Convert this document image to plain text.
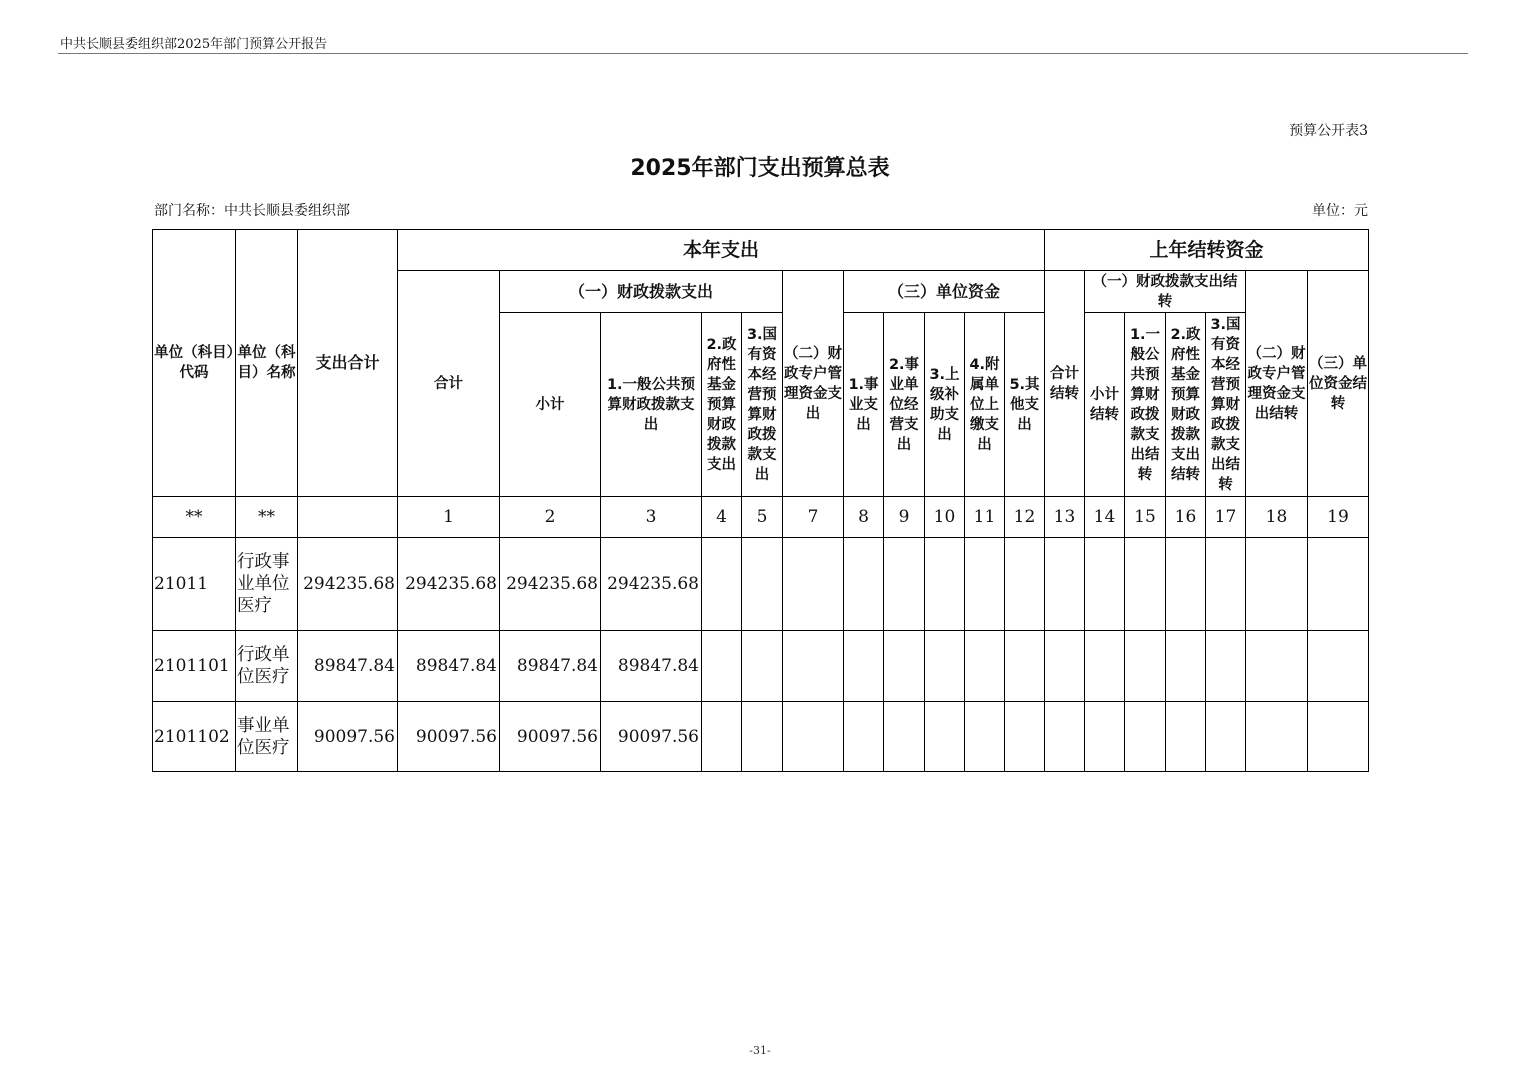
中共长顺县委组织部2025年部门预算公开报告
预算公开表3
2025年部门支出预算总表
部门名称：中共长顺县委组织部	单位：元
单位（科目）代码	单位（科目）名称	支出合计	本年支出											上年结转资金						
			合计	（一）财政拨款支出				（二）财政专户管理资金支出	（三）单位资金					合计结转	（一）财政拨款支出结转				（二）财政专户管理资金支出结转	（三）单位资金结转
				小计	1.一般公共预算财政拨款支出	2.政府性基金预算财政拨款支出	3.国有资本经营预算财政拨款支出		1.事业支出	2.事业单位经营支出	3.上级补助支出	4.附属单位上缴支出	5.其他支出		小计结转	1.一般公共预算财政拨款支出结转	2.政府性基金预算财政拨款支出结转	3.国有资本经营预算财政拨款支出结转		
**	**		1	2	3	4	5	7	8	9	10	11	12	13	14	15	16	17	18	19
21011	行政事业单位医疗	294235.68	294235.68	294235.68	294235.68															
2101101	行政单位医疗	89847.84	89847.84	89847.84	89847.84															
2101102	事业单位医疗	90097.56	90097.56	90097.56	90097.56															
-31-
